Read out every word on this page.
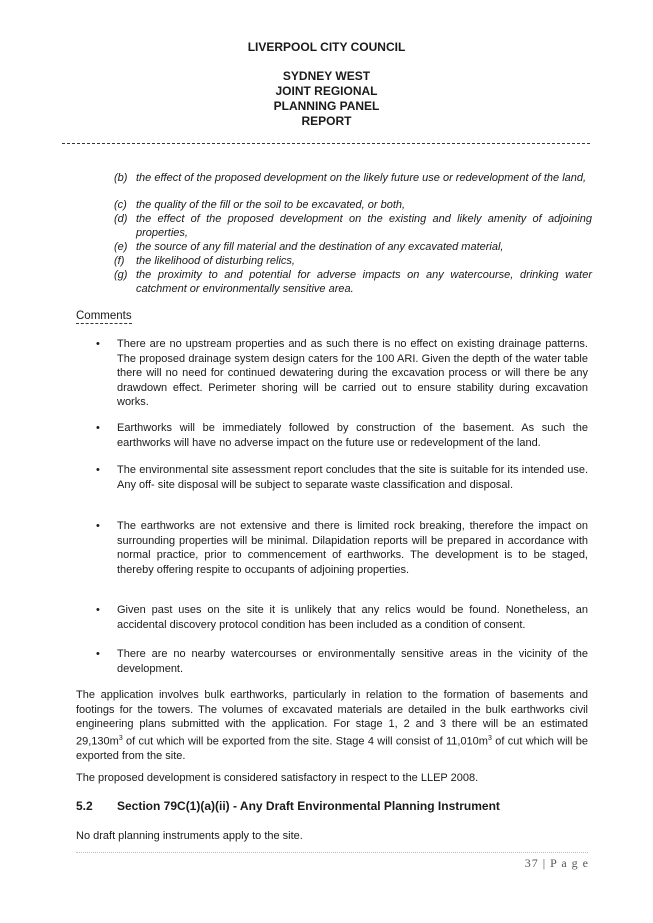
LIVERPOOL CITY COUNCIL
SYDNEY WEST
JOINT REGIONAL
PLANNING PANEL
REPORT
(b) the effect of the proposed development on the likely future use or redevelopment of the land,
(c) the quality of the fill or the soil to be excavated, or both,
(d) the effect of the proposed development on the existing and likely amenity of adjoining properties,
(e) the source of any fill material and the destination of any excavated material,
(f) the likelihood of disturbing relics,
(g) the proximity to and potential for adverse impacts on any watercourse, drinking water catchment or environmentally sensitive area.
Comments
• There are no upstream properties and as such there is no effect on existing drainage patterns. The proposed drainage system design caters for the 100 ARI. Given the depth of the water table there will no need for continued dewatering during the excavation process or will there be any drawdown effect. Perimeter shoring will be carried out to ensure stability during excavation works.
• Earthworks will be immediately followed by construction of the basement. As such the earthworks will have no adverse impact on the future use or redevelopment of the land.
• The environmental site assessment report concludes that the site is suitable for its intended use. Any off- site disposal will be subject to separate waste classification and disposal.
• The earthworks are not extensive and there is limited rock breaking, therefore the impact on surrounding properties will be minimal. Dilapidation reports will be prepared in accordance with normal practice, prior to commencement of earthworks. The development is to be staged, thereby offering respite to occupants of adjoining properties.
• Given past uses on the site it is unlikely that any relics would be found. Nonetheless, an accidental discovery protocol condition has been included as a condition of consent.
• There are no nearby watercourses or environmentally sensitive areas in the vicinity of the development.
The application involves bulk earthworks, particularly in relation to the formation of basements and footings for the towers. The volumes of excavated materials are detailed in the bulk earthworks civil engineering plans submitted with the application. For stage 1, 2 and 3 there will be an estimated $29,130m^3$ of cut which will be exported from the site. Stage 4 will consist of $11,010m^3$ of cut which will be exported from the site.
The proposed development is considered satisfactory in respect to the LLEP 2008.
5.2 Section 79C(1)(a)(ii) - Any Draft Environmental Planning Instrument
No draft planning instruments apply to the site.
37 | P a g e
